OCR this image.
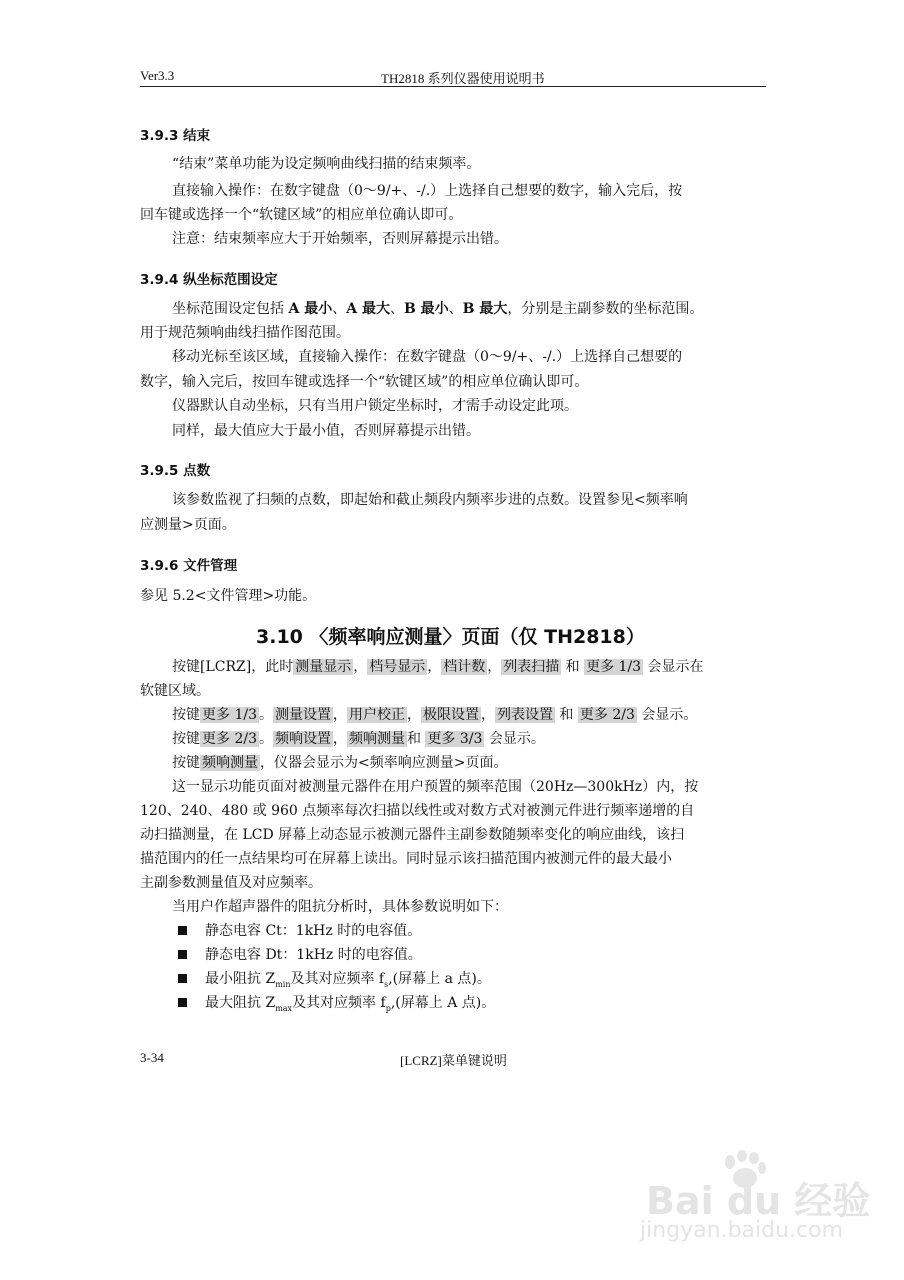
Ver3.3	TH2818 系列仪器使用说明书
3.9.3 结束
“结束”菜单功能为设定频响曲线扫描的结束频率。
直接输入操作：在数字键盘（0～9/+、-/.）上选择自己想要的数字，输入完后，按
回车键或选择一个“软键区域”的相应单位确认即可。
注意：结束频率应大于开始频率，否则屏幕提示出错。
3.9.4 纵坐标范围设定
坐标范围设定包括 A 最小、A 最大、B 最小、B 最大，分别是主副参数的坐标范围。
用于规范频响曲线扫描作图范围。
移动光标至该区域，直接输入操作：在数字键盘（0～9/+、-/.）上选择自己想要的
数字，输入完后，按回车键或选择一个“软键区域”的相应单位确认即可。
仪器默认自动坐标，只有当用户锁定坐标时，才需手动设定此项。
同样，最大值应大于最小值，否则屏幕提示出错。
3.9.5 点数
该参数监视了扫频的点数，即起始和截止频段内频率步进的点数。设置参见<频率响
应测量>页面。
3.9.6 文件管理
参见 5.2<文件管理>功能。
3.10 〈频率响应测量〉页面（仅 TH2818）
按键[LCRZ]，此时 测量显示 ， 档号显示 ， 档计数 ， 列表扫描 和 更多 1/3 会显示在
软键区域。
按键 更多 1/3 。 测量设置 ， 用户校正 ， 极限设置 ， 列表设置 和 更多 2/3 会显示。
按键 更多 2/3 。 频响设置 ， 频响测量 和 更多 3/3 会显示。
按键 频响测量 ，仪器会显示为<频率响应测量>页面。
这一显示功能页面对被测量元器件在用户预置的频率范围（20Hz—300kHz）内，按
120、240、480 或 960 点频率每次扫描以线性或对数方式对被测元件进行频率递增的自
动扫描测量，在 LCD 屏幕上动态显示被测元器件主副参数随频率变化的响应曲线，该扫
描范围内的任一点结果均可在屏幕上读出。同时显示该扫描范围内被测元件的最大最小
主副参数测量值及对应频率。
当用户作超声器件的阻抗分析时，具体参数说明如下：
静态电容 Ct：1kHz 时的电容值。
静态电容 Dt：1kHz 时的电容值。
最小阻抗 $Z_{min}$及其对应频率 $f_s$,(屏幕上 a 点)。
最大阻抗 $Z_{max}$及其对应频率 $f_p$,(屏幕上 A 点)。
3-34	[LCRZ]菜单键说明
Bai du 经验
jingyan.baidu.com
